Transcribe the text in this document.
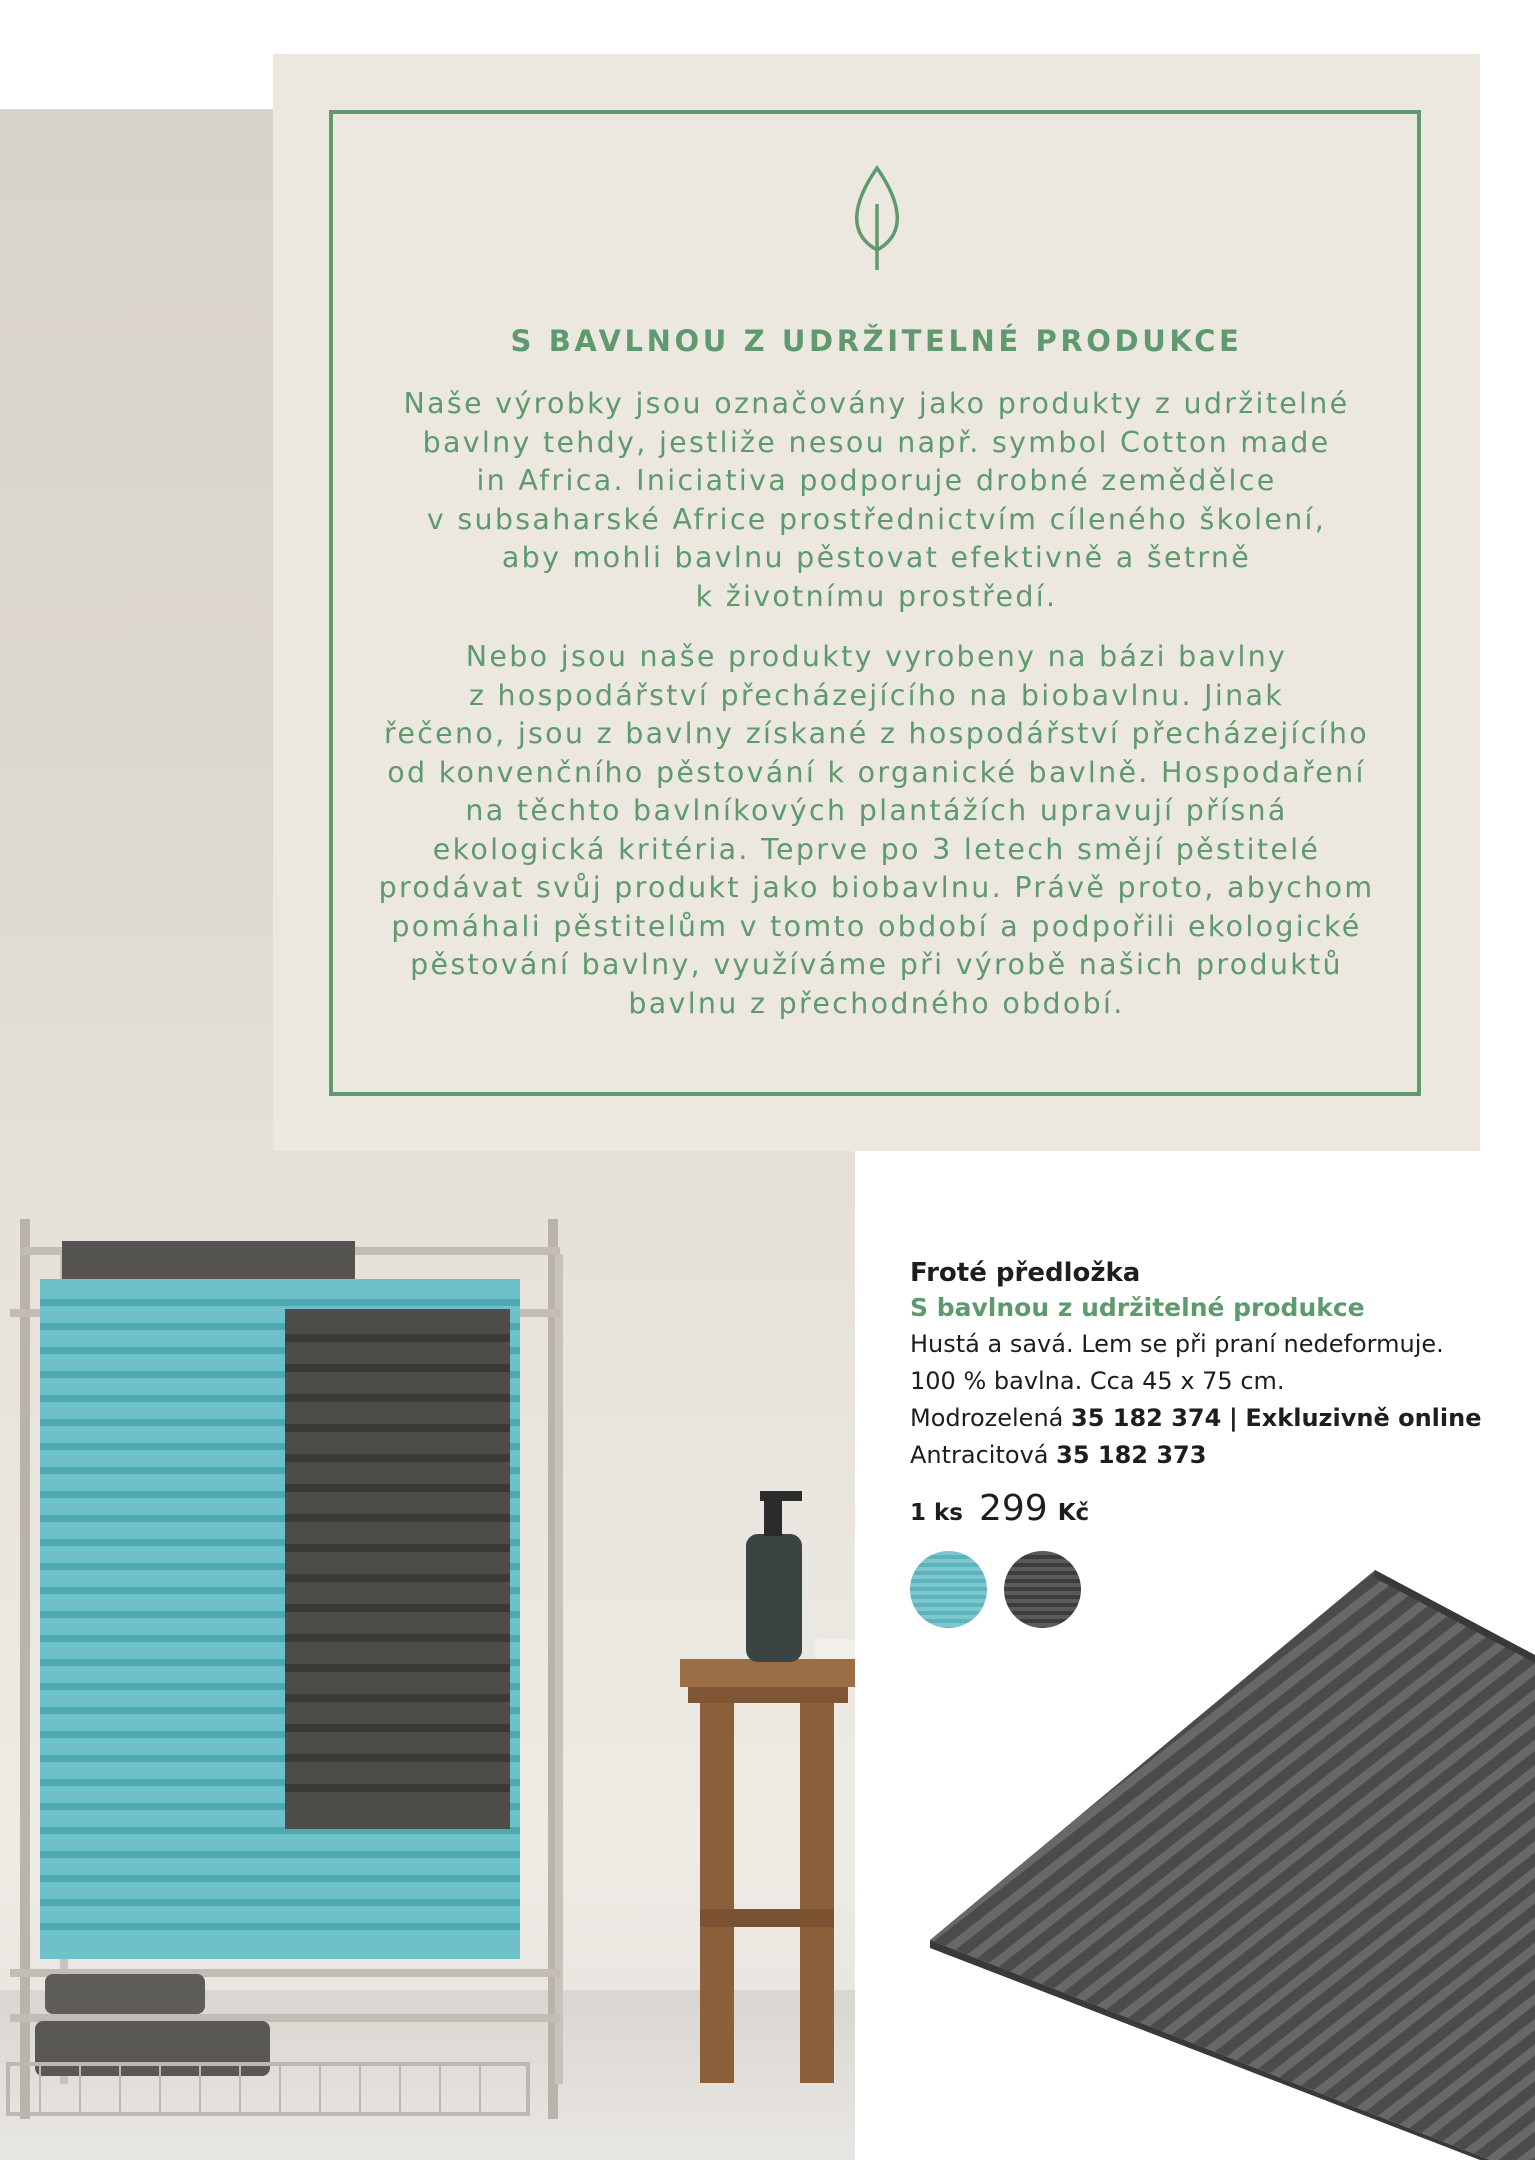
S BAVLNOU Z UDRŽITELNÉ PRODUKCE
Naše výrobky jsou označovány jako produkty z udržitelné
bavlny tehdy, jestliže nesou např. symbol Cotton made
in Africa. Iniciativa podporuje drobné zemědělce
v subsaharské Africe prostřednictvím cíleného školení,
aby mohli bavlnu pěstovat efektivně a šetrně
k životnímu prostředí.
Nebo jsou naše produkty vyrobeny na bázi bavlny
z hospodářství přecházejícího na biobavlnu. Jinak
řečeno, jsou z bavlny získané z hospodářství přecházejícího
od konvenčního pěstování k organické bavlně. Hospodaření
na těchto bavlníkových plantážích upravují přísná
ekologická kritéria. Teprve po 3 letech smějí pěstitelé
prodávat svůj produkt jako biobavlnu. Právě proto, abychom
pomáhali pěstitelům v tomto období a podpořili ekologické
pěstování bavlny, využíváme při výrobě našich produktů
bavlnu z přechodného období.
Froté předložka
S bavlnou z udržitelné produkce
Hustá a savá. Lem se při praní nedeformuje.
100 % bavlna. Cca 45 x 75 cm.
Modrozelená 35 182 374 | Exkluzivně online
Antracitová 35 182 373
1 ks 299 Kč
